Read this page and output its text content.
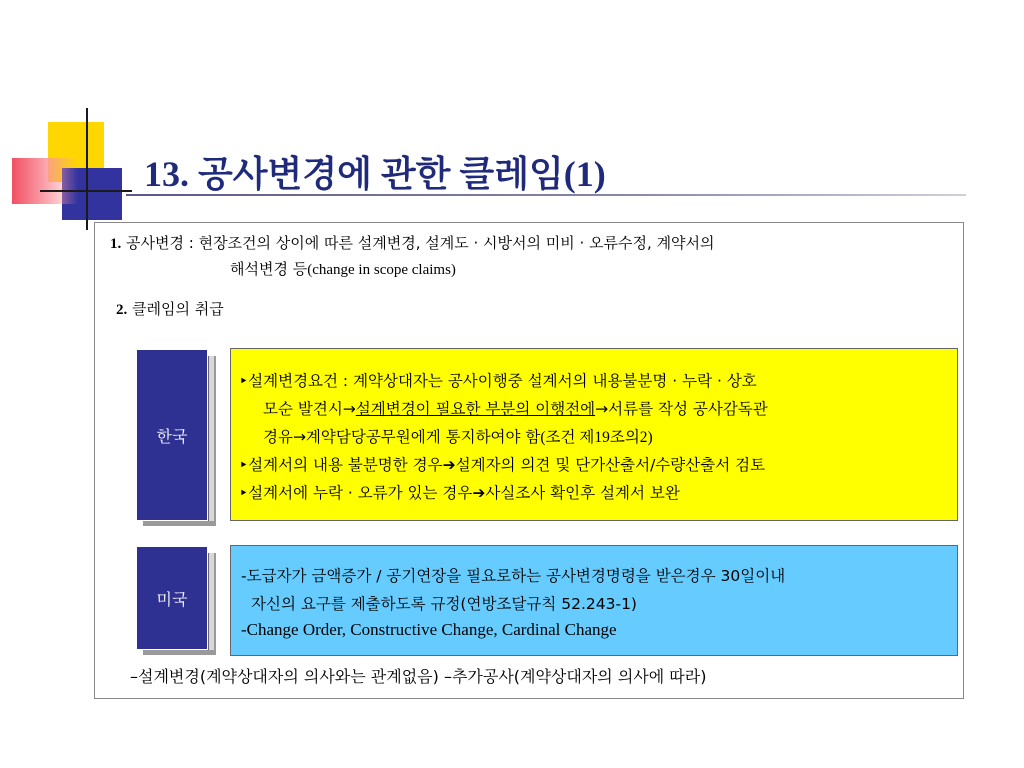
13. 공사변경에 관한 클레임(1)
1. 공사변경 : 현장조건의 상이에 따른 설계변경, 설계도 · 시방서의 미비 · 오류수정, 계약서의
해석변경 등(change in scope claims)
2. 클레임의 취급
한국
‣설계변경요건 : 계약상대자는 공사이행중 설계서의 내용불분명 · 누락 · 상호
모순 발견시→설계변경이 필요한 부분의 이행전에→서류를 작성 공사감독관
경유→계약담당공무원에게 통지하여야 함(조건 제19조의2)
‣설계서의 내용 불분명한 경우➔설계자의 의견 및 단가산출서/수량산출서 검토
‣설계서에 누락 · 오류가 있는 경우➔사실조사 확인후 설계서 보완
미국
-도급자가 금액증가 / 공기연장을 필요로하는 공사변경명령을 받은경우 30일이내
자신의 요구를 제출하도록 규정(연방조달규칙 52.243-1)
-Change Order, Constructive Change, Cardinal Change
–설계변경(계약상대자의 의사와는 관계없음) –추가공사(계약상대자의 의사에 따라)
